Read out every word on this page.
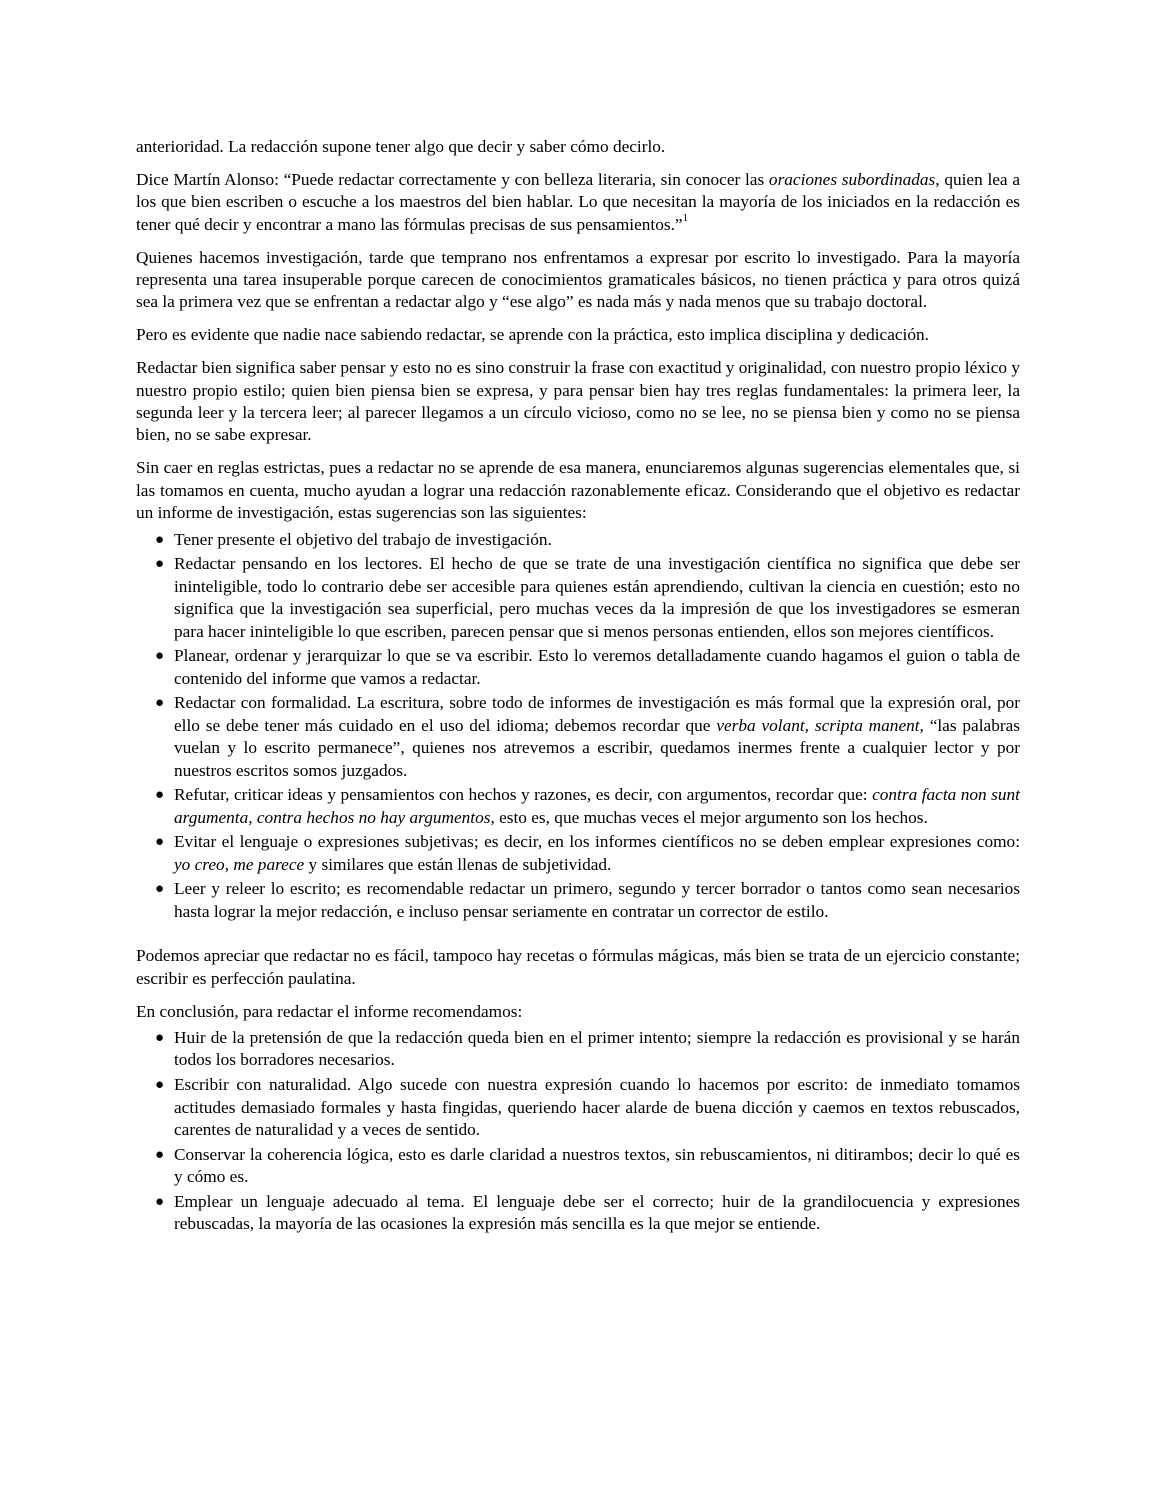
anterioridad. La redacción supone tener algo que decir y saber cómo decirlo.

Dice Martín Alonso: “Puede redactar correctamente y con belleza literaria, sin conocer las oraciones subordinadas, quien lea a los que bien escriben o escuche a los maestros del bien hablar. Lo que necesitan la mayoría de los iniciados en la redacción es tener qué decir y encontrar a mano las fórmulas precisas de sus pensamientos.”$^1$

Quienes hacemos investigación, tarde que temprano nos enfrentamos a expresar por escrito lo investigado. Para la mayoría representa una tarea insuperable porque carecen de conocimientos gramaticales básicos, no tienen práctica y para otros quizá sea la primera vez que se enfrentan a redactar algo y “ese algo” es nada más y nada menos que su trabajo doctoral.

Pero es evidente que nadie nace sabiendo redactar, se aprende con la práctica, esto implica disciplina y dedicación.

Redactar bien significa saber pensar y esto no es sino construir la frase con exactitud y originalidad, con nuestro propio léxico y nuestro propio estilo; quien bien piensa bien se expresa, y para pensar bien hay tres reglas fundamentales: la primera leer, la segunda leer y la tercera leer; al parecer llegamos a un círculo vicioso, como no se lee, no se piensa bien y como no se piensa bien, no se sabe expresar.

Sin caer en reglas estrictas, pues a redactar no se aprende de esa manera, enunciaremos algunas sugerencias elementales que, si las tomamos en cuenta, mucho ayudan a lograr una redacción razonablemente eficaz. Considerando que el objetivo es redactar un informe de investigación, estas sugerencias son las siguientes:

● Tener presente el objetivo del trabajo de investigación.
● Redactar pensando en los lectores. El hecho de que se trate de una investigación científica no significa que debe ser ininteligible, todo lo contrario debe ser accesible para quienes están aprendiendo, cultivan la ciencia en cuestión; esto no significa que la investigación sea superficial, pero muchas veces da la impresión de que los investigadores se esmeran para hacer ininteligible lo que escriben, parecen pensar que si menos personas entienden, ellos son mejores científicos.
● Planear, ordenar y jerarquizar lo que se va escribir. Esto lo veremos detalladamente cuando hagamos el guion o tabla de contenido del informe que vamos a redactar.
● Redactar con formalidad. La escritura, sobre todo de informes de investigación es más formal que la expresión oral, por ello se debe tener más cuidado en el uso del idioma; debemos recordar que verba volant, scripta manent, “las palabras vuelan y lo escrito permanece”, quienes nos atrevemos a escribir, quedamos inermes frente a cualquier lector y por nuestros escritos somos juzgados.
● Refutar, criticar ideas y pensamientos con hechos y razones, es decir, con argumentos, recordar que: contra facta non sunt argumenta, contra hechos no hay argumentos, esto es, que muchas veces el mejor argumento son los hechos.
● Evitar el lenguaje o expresiones subjetivas; es decir, en los informes científicos no se deben emplear expresiones como: yo creo, me parece y similares que están llenas de subjetividad.
● Leer y releer lo escrito; es recomendable redactar un primero, segundo y tercer borrador o tantos como sean necesarios hasta lograr la mejor redacción, e incluso pensar seriamente en contratar un corrector de estilo.

Podemos apreciar que redactar no es fácil, tampoco hay recetas o fórmulas mágicas, más bien se trata de un ejercicio constante; escribir es perfección paulatina.

En conclusión, para redactar el informe recomendamos:

● Huir de la pretensión de que la redacción queda bien en el primer intento; siempre la redacción es provisional y se harán todos los borradores necesarios.
● Escribir con naturalidad. Algo sucede con nuestra expresión cuando lo hacemos por escrito: de inmediato tomamos actitudes demasiado formales y hasta fingidas, queriendo hacer alarde de buena dicción y caemos en textos rebuscados, carentes de naturalidad y a veces de sentido.
● Conservar la coherencia lógica, esto es darle claridad a nuestros textos, sin rebuscamientos, ni ditirambos; decir lo qué es y cómo es.
● Emplear un lenguaje adecuado al tema. El lenguaje debe ser el correcto; huir de la grandilocuencia y expresiones rebuscadas, la mayoría de las ocasiones la expresión más sencilla es la que mejor se entiende.
